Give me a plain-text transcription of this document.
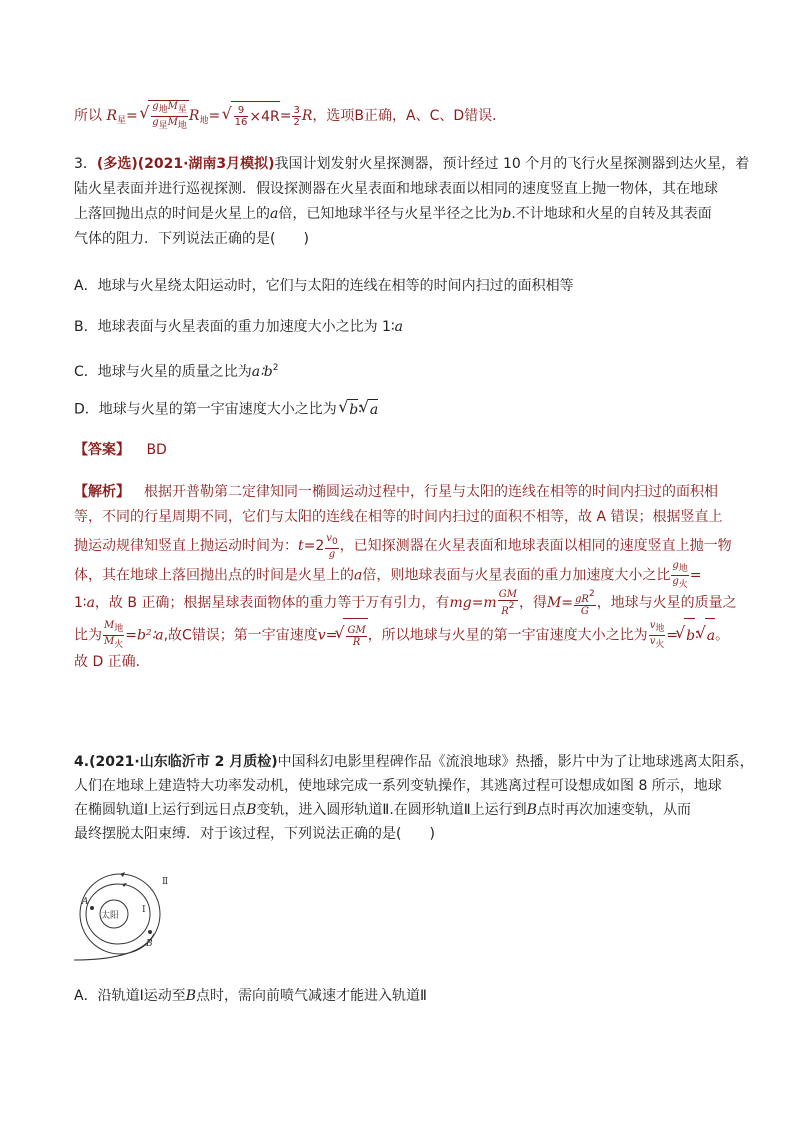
所以 $R_星=$ √ $\frac{\text{g地M星}}{\text{g星M地}} R_地=$ √ $\frac{9}{16} \times 4R= \frac{3}{2}$ R，选项B正确，A、C、D错误．
3．(多选)(2021·湖南3月模拟)我国计划发射火星探测器，预计经过 10 个月的飞行火星探测器到达火星，着
陆火星表面并进行巡视探测．假设探测器在火星表面和地球表面以相同的速度竖直上抛一物体，其在地球
上落回抛出点的时间是火星上的a倍，已知地球半径与火星半径之比为b.不计地球和火星的自转及其表面
气体的阻力．下列说法正确的是(　　)
A．地球与火星绕太阳运动时，它们与太阳的连线在相等的时间内扫过的面积相等
B．地球表面与火星表面的重力加速度大小之比为 1∶a
C．地球与火星的质量之比为$a∶b^2$
D．地球与火星的第一宇宙速度大小之比为 √ b∶ √ a
【答案】 BD
【解析】 根据开普勒第二定律知同一椭圆运动过程中，行星与太阳的连线在相等的时间内扫过的面积相
等，不同的行星周期不同，它们与太阳的连线在相等的时间内扫过的面积不相等，故 A 错误；根据竖直上
抛运动规律知竖直上抛运动时间为：$t=2 \frac{v0}{g}$ ，已知探测器在火星表面和地球表面以相同的速度竖直上抛一物
体，其在地球上落回抛出点的时间是火星上的a倍，则地球表面与火星表面的重力加速度大小之比 $\frac{\text{g地}}{\text{g火}}$ =
1∶a，故 B 正确；根据星球表面物体的重力等于万有引力，有$mg=m \frac{GM}{R2}$ ，得$M= \frac{gR2}{G}$ ，地球与火星的质量之
比为 $\frac{\text{M地}}{\text{M火}}$ =b²∶a,故C错误；第一宇宙速度v= √ $\frac{GM}{R}$ ，所以地球与火星的第一宇宙速度大小之比为 $\frac{\text{v地}}{\text{v火}}$ = √ b∶ √ a。
故 D 正确．
4.(2021·山东临沂市 2 月质检)中国科幻电影里程碑作品《流浪地球》热播，影片中为了让地球逃离太阳系，
人们在地球上建造特大功率发动机，使地球完成一系列变轨操作，其逃离过程可设想成如图 8 所示，地球
在椭圆轨道Ⅰ上运行到远日点B变轨，进入圆形轨道Ⅱ.在圆形轨道Ⅱ上运行到B点时再次加速变轨，从而
最终摆脱太阳束缚．对于该过程，下列说法正确的是(　　)
太阳
A
B
Ⅰ
Ⅱ
A．沿轨道Ⅰ运动至B点时，需向前喷气减速才能进入轨道Ⅱ
